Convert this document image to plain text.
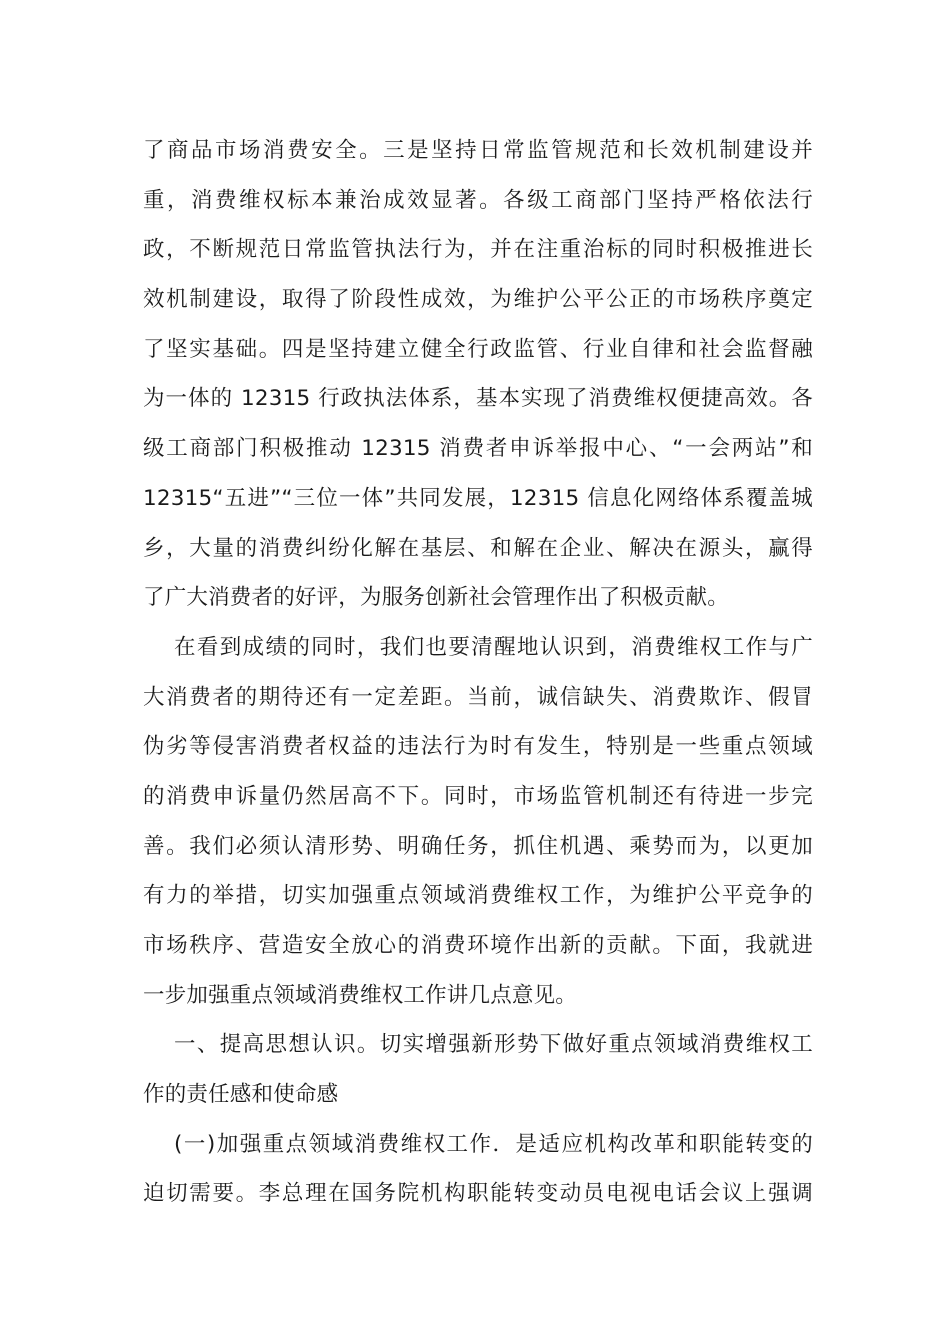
了商品市场消费安全。三是坚持日常监管规范和长效机制建设并
重，消费维权标本兼治成效显著。各级工商部门坚持严格依法行
政，不断规范日常监管执法行为，并在注重治标的同时积极推进长
效机制建设，取得了阶段性成效，为维护公平公正的市场秩序奠定
了坚实基础。四是坚持建立健全行政监管、行业自律和社会监督融
为一体的 12315 行政执法体系，基本实现了消费维权便捷高效。各
级工商部门积极推动 12315 消费者申诉举报中心、“一会两站”和
12315“五进”“三位一体”共同发展，12315 信息化网络体系覆盖城
乡，大量的消费纠纷化解在基层、和解在企业、解决在源头，赢得
了广大消费者的好评，为服务创新社会管理作出了积极贡献。
在看到成绩的同时，我们也要清醒地认识到，消费维权工作与广
大消费者的期待还有一定差距。当前，诚信缺失、消费欺诈、假冒
伪劣等侵害消费者权益的违法行为时有发生，特别是一些重点领域
的消费申诉量仍然居高不下。同时，市场监管机制还有待进一步完
善。我们必须认清形势、明确任务，抓住机遇、乘势而为，以更加
有力的举措，切实加强重点领域消费维权工作，为维护公平竞争的
市场秩序、营造安全放心的消费环境作出新的贡献。下面，我就进
一步加强重点领域消费维权工作讲几点意见。
一、提高思想认识。切实增强新形势下做好重点领域消费维权工
作的责任感和使命感
(一)加强重点领域消费维权工作．是适应机构改革和职能转变的
迫切需要。李总理在国务院机构职能转变动员电视电话会议上强调
